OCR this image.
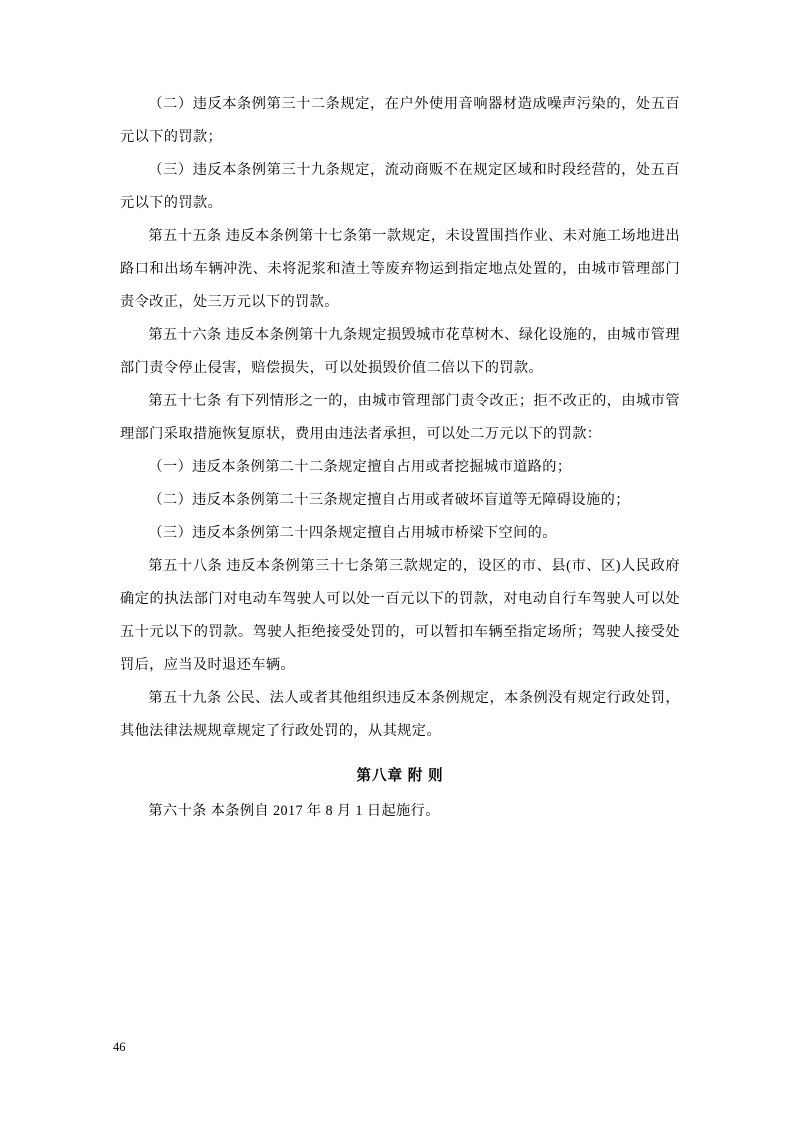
（二）违反本条例第三十二条规定，在户外使用音响器材造成噪声污染的，处五百元以下的罚款；

（三）违反本条例第三十九条规定，流动商贩不在规定区域和时段经营的，处五百元以下的罚款。

第五十五条 违反本条例第十七条第一款规定，未设置围挡作业、未对施工场地进出路口和出场车辆冲洗、未将泥浆和渣土等废弃物运到指定地点处置的，由城市管理部门责令改正，处三万元以下的罚款。

第五十六条 违反本条例第十九条规定损毁城市花草树木、绿化设施的，由城市管理部门责令停止侵害，赔偿损失，可以处损毁价值二倍以下的罚款。

第五十七条 有下列情形之一的，由城市管理部门责令改正；拒不改正的，由城市管理部门采取措施恢复原状，费用由违法者承担，可以处二万元以下的罚款：

（一）违反本条例第二十二条规定擅自占用或者挖掘城市道路的；

（二）违反本条例第二十三条规定擅自占用或者破坏盲道等无障碍设施的；

（三）违反本条例第二十四条规定擅自占用城市桥梁下空间的。

第五十八条 违反本条例第三十七条第三款规定的，设区的市、县(市、区)人民政府确定的执法部门对电动车驾驶人可以处一百元以下的罚款，对电动自行车驾驶人可以处五十元以下的罚款。驾驶人拒绝接受处罚的，可以暂扣车辆至指定场所；驾驶人接受处罚后，应当及时退还车辆。

第五十九条 公民、法人或者其他组织违反本条例规定，本条例没有规定行政处罚，其他法律法规规章规定了行政处罚的，从其规定。

第八章 附 则

第六十条 本条例自 2017 年 8 月 1 日起施行。

46
